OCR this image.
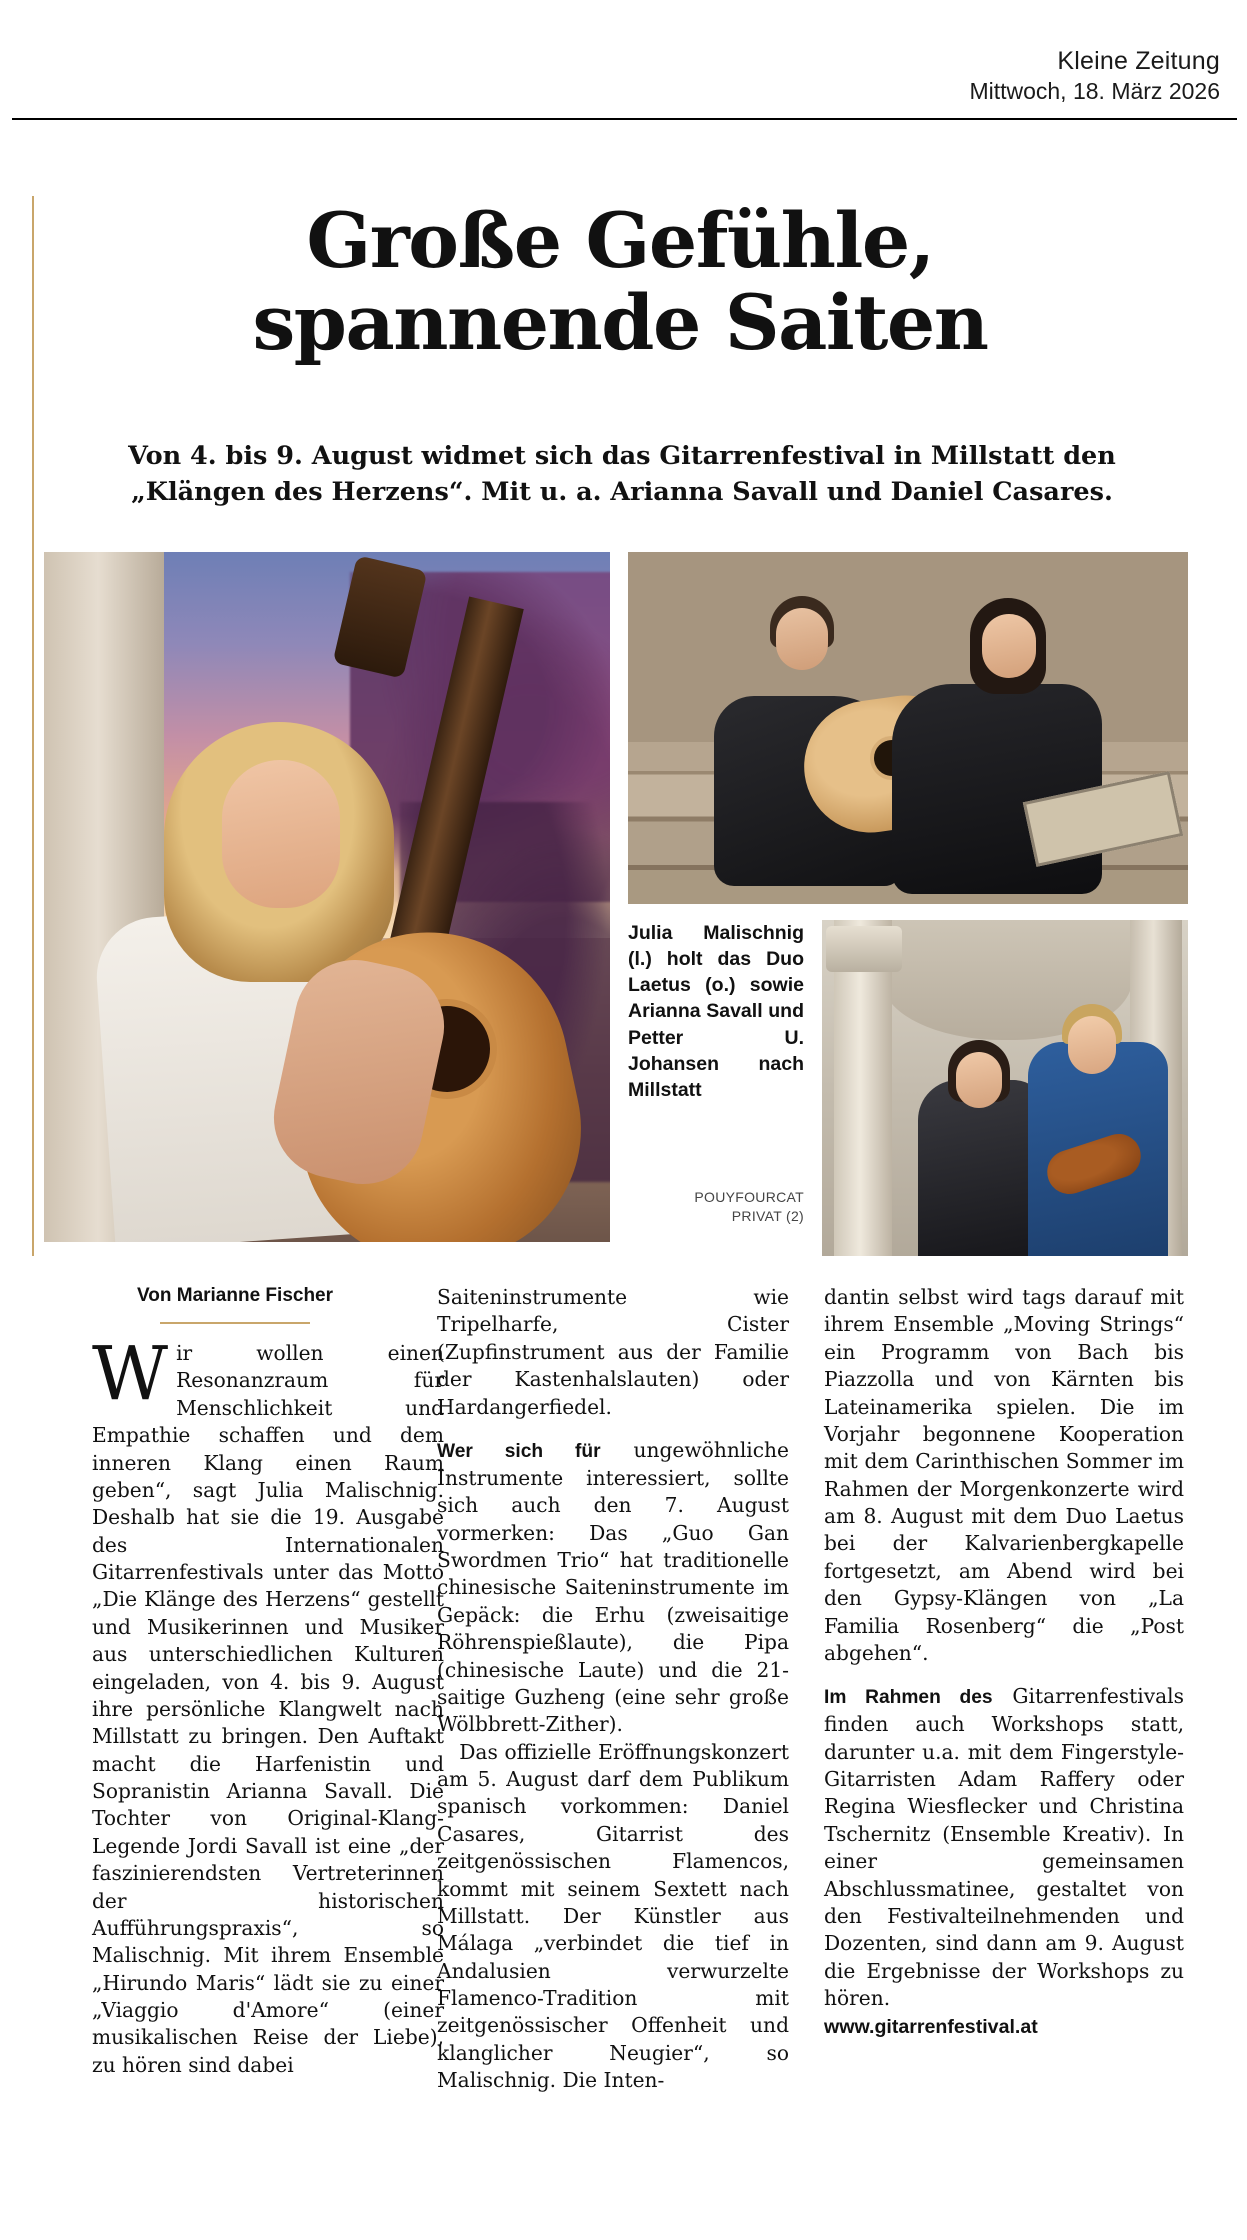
Kleine Zeitung
Mittwoch, 18. März 2026
Große Gefühle,
spannende Saiten
Von 4. bis 9. August widmet sich das Gitarrenfestival in Millstatt den „Klängen des Herzens“. Mit u. a. Arianna Savall und Daniel Casares.
Julia Malischnig (l.) holt das Duo Laetus (o.) sowie Arianna Savall und Petter U. Johansen nach Millstatt
POUYFOURCAT
PRIVAT (2)
Von Marianne Fischer

Wir wollen einen Resonanzraum für Menschlichkeit und Empathie schaffen und dem inneren Klang einen Raum geben“, sagt Julia Malischnig. Deshalb hat sie die 19. Ausgabe des Internationalen Gitarrenfestivals unter das Motto „Die Klänge des Herzens“ gestellt und Musikerinnen und Musiker aus unterschiedlichen Kulturen eingeladen, von 4. bis 9. August ihre persönliche Klangwelt nach Millstatt zu bringen. Den Auftakt macht die Harfenistin und Sopranistin Arianna Savall. Die Tochter von Original-Klang-Legende Jordi Savall ist eine „der faszinierendsten Vertreterinnen der historischen Aufführungspraxis“, so Malischnig. Mit ihrem Ensemble „Hirundo Maris“ lädt sie zu einer „Viaggio d'Amore“ (einer musikalischen Reise der Liebe), zu hören sind dabei

Saiteninstrumente wie Tripelharfe, Cister (Zupfinstrument aus der Familie der Kastenhalslauten) oder Hardangerfiedel.

Wer sich für ungewöhnliche Instrumente interessiert, sollte sich auch den 7. August vormerken: Das „Guo Gan Swordmen Trio“ hat traditionelle chinesische Saiteninstrumente im Gepäck: die Erhu (zweisaitige Röhrenspießlaute), die Pipa (chinesische Laute) und die 21-saitige Guzheng (eine sehr große Wölbbrett-Zither).

Das offizielle Eröffnungskonzert am 5. August darf dem Publikum spanisch vorkommen: Daniel Casares, Gitarrist des zeitgenössischen Flamencos, kommt mit seinem Sextett nach Millstatt. Der Künstler aus Málaga „verbindet die tief in Andalusien verwurzelte Flamenco-Tradition mit zeitgenössischer Offenheit und klanglicher Neugier“, so Malischnig. Die Inten-

dantin selbst wird tags darauf mit ihrem Ensemble „Moving Strings“ ein Programm von Bach bis Piazzolla und von Kärnten bis Lateinamerika spielen. Die im Vorjahr begonnene Kooperation mit dem Carinthischen Sommer im Rahmen der Morgenkonzerte wird am 8. August mit dem Duo Laetus bei der Kalvarienbergkapelle fortgesetzt, am Abend wird bei den Gypsy-Klängen von „La Familia Rosenberg“ die „Post abgehen“.

Im Rahmen des Gitarrenfestivals finden auch Workshops statt, darunter u.a. mit dem Fingerstyle-Gitarristen Adam Raffery oder Regina Wiesflecker und Christina Tschernitz (Ensemble Kreativ). In einer gemeinsamen Abschlussmatinee, gestaltet von den Festivalteilnehmenden und Dozenten, sind dann am 9. August die Ergebnisse der Workshops zu hören.

www.gitarrenfestival.at
